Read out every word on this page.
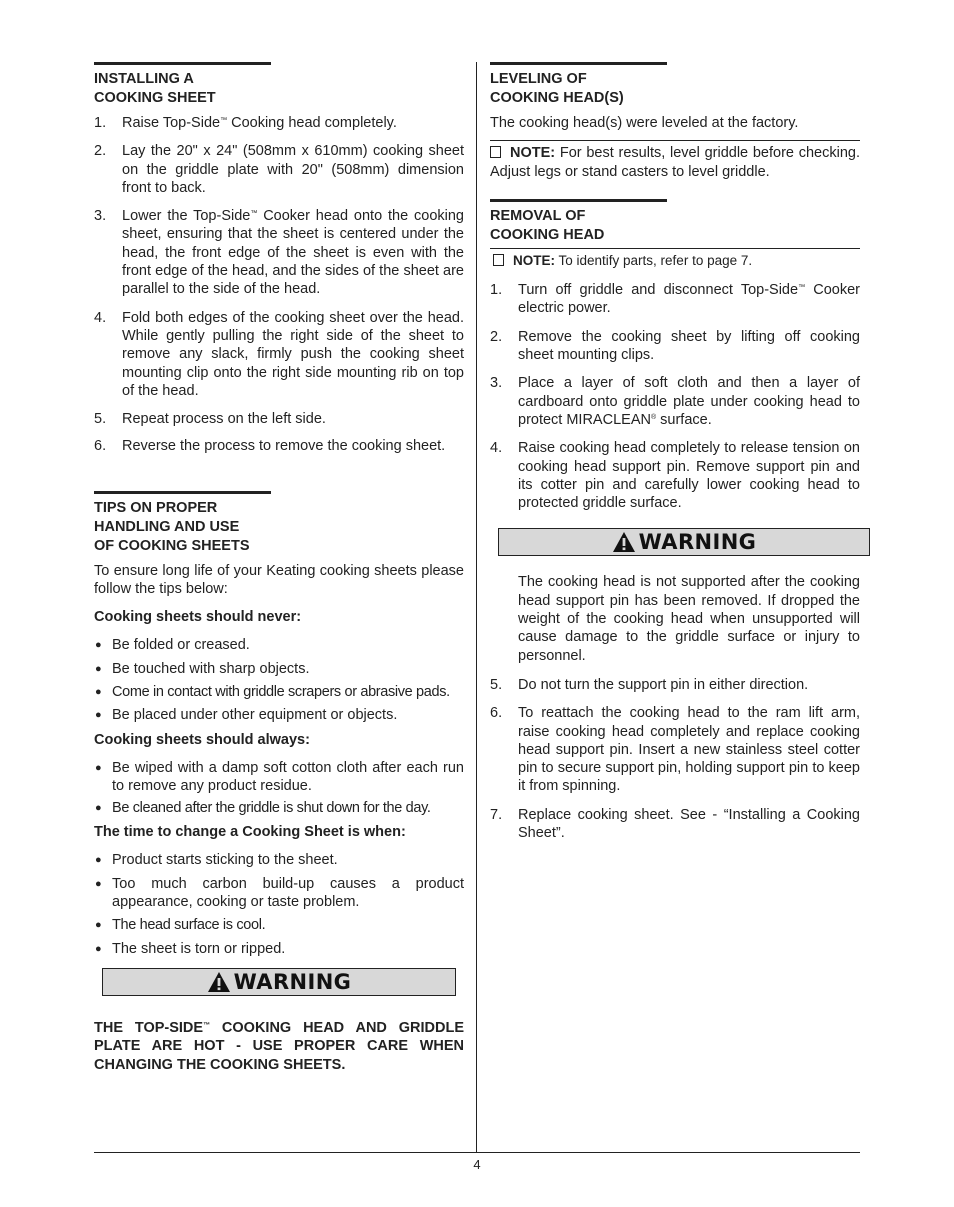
INSTALLING A
COOKING SHEET
1.	Raise Top-Side™ Cooking head completely.
2.	Lay the 20" x 24" (508mm x 610mm) cooking sheet on the griddle plate with 20" (508mm) dimension front to back.
3.	Lower the Top-Side™ Cooker head onto the cooking sheet, ensuring that the sheet is centered under the head, the front edge of the sheet is even with the front edge of the head, and the sides of the sheet are parallel to the side of the head.
4.	Fold both edges of the cooking sheet over the head. While gently pulling the right side of the sheet to remove any slack, firmly push the cooking sheet mounting clip onto the right side mounting rib on top of the head.
5.	Repeat process on the left side.
6.	Reverse the process to remove the cooking sheet.
TIPS ON PROPER
HANDLING AND USE
OF COOKING SHEETS
To ensure long life of your Keating cooking sheets please follow the tips below:
Cooking sheets should never:
● Be folded or creased.
● Be touched with sharp objects.
● Come in contact with griddle scrapers or abrasive pads.
● Be placed under other equipment or objects.
Cooking sheets should always:
● Be wiped with a damp soft cotton cloth after each run to remove any product residue.
● Be cleaned after the griddle is shut down for the day.
The time to change a Cooking Sheet is when:
● Product starts sticking to the sheet.
● Too much carbon build-up causes a product appearance, cooking or taste problem.
● The head surface is cool.
● The sheet is torn or ripped.
WARNING
THE TOP-SIDE™ COOKING HEAD AND GRIDDLE PLATE ARE HOT - USE PROPER CARE WHEN CHANGING THE COOKING SHEETS.
LEVELING OF
COOKING HEAD(S)
The cooking head(s) were leveled at the factory.
NOTE: For best results, level griddle before checking. Adjust legs or stand casters to level griddle.
REMOVAL OF
COOKING HEAD
NOTE: To identify parts, refer to page 7.
1.	Turn off griddle and disconnect Top-Side™ Cooker electric power.
2.	Remove the cooking sheet by lifting off cooking sheet mounting clips.
3.	Place a layer of soft cloth and then a layer of cardboard onto griddle plate under cooking head to protect MIRACLEAN® surface.
4.	Raise cooking head completely to release tension on cooking head support pin. Remove support pin and its cotter pin and carefully lower cooking head to protected griddle surface.
WARNING
The cooking head is not supported after the cooking head support pin has been removed. If dropped the weight of the cooking head when unsupported will cause damage to the griddle surface or injury to personnel.
5.	Do not turn the support pin in either direction.
6.	To reattach the cooking head to the ram lift arm, raise cooking head completely and replace cooking head support pin. Insert a new stainless steel cotter pin to secure support pin, holding support pin to keep it from spinning.
7.	Replace cooking sheet. See - “Installing a Cooking Sheet”.
4
